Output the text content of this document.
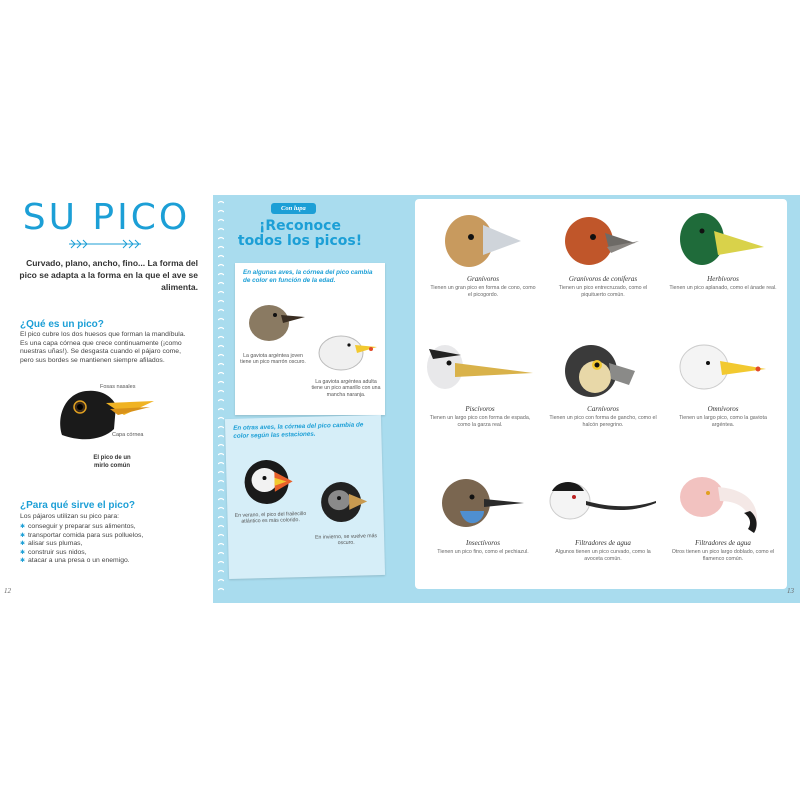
SU PICO
Curvado, plano, ancho, fino... La forma del pico se adapta a la forma en la que el ave se alimenta.
¿Qué es un pico?
El pico cubre los dos huesos que forman la mandíbula. Es una capa córnea que crece continuamente (¡como nuestras uñas!). Se desgasta cuando el pájaro come, pero sus bordes se mantienen siempre afilados.
Fosas nasales
Capa córnea
El pico de un mirlo común
¿Para qué sirve el pico?
Los pájaros utilizan su pico para:
✱ conseguir y preparar sus alimentos,
✱ transportar comida para sus polluelos,
✱ alisar sus plumas,
✱ construir sus nidos,
✱ atacar a una presa o un enemigo.
12
Con lupa
¡Reconoce
todos los picos!
En algunas aves, la córnea del pico cambia de color en función de la edad.
La gaviota argéntea joven tiene un pico marrón oscuro.
La gaviota argéntea adulta tiene un pico amarillo con una mancha naranja.
En otras aves, la córnea del pico cambia de color según las estaciones.
En verano, el pico del frailecillo atlántico es más colorido.
En invierno, se vuelve más oscuro.
Granívoros
Tienen un gran pico en forma de cono, como el picogordo.
Granívoros de coníferas
Tienen un pico entrecruzado, como el piquituerto común.
Herbívoros
Tienen un pico aplanado, como el ánade real.
Piscívoros
Tienen un largo pico con forma de espada, como la garza real.
Carnívoros
Tienen un pico con forma de gancho, como el halcón peregrino.
Omnívoros
Tienen un largo pico, como la gaviota argéntea.
Insectívoros
Tienen un pico fino, como el pechiazul.
Filtradores de agua
Algunos tienen un pico curvado, como la avoceta común.
Filtradores de agua
Otros tienen un pico largo doblado, como el flamenco común.
13
